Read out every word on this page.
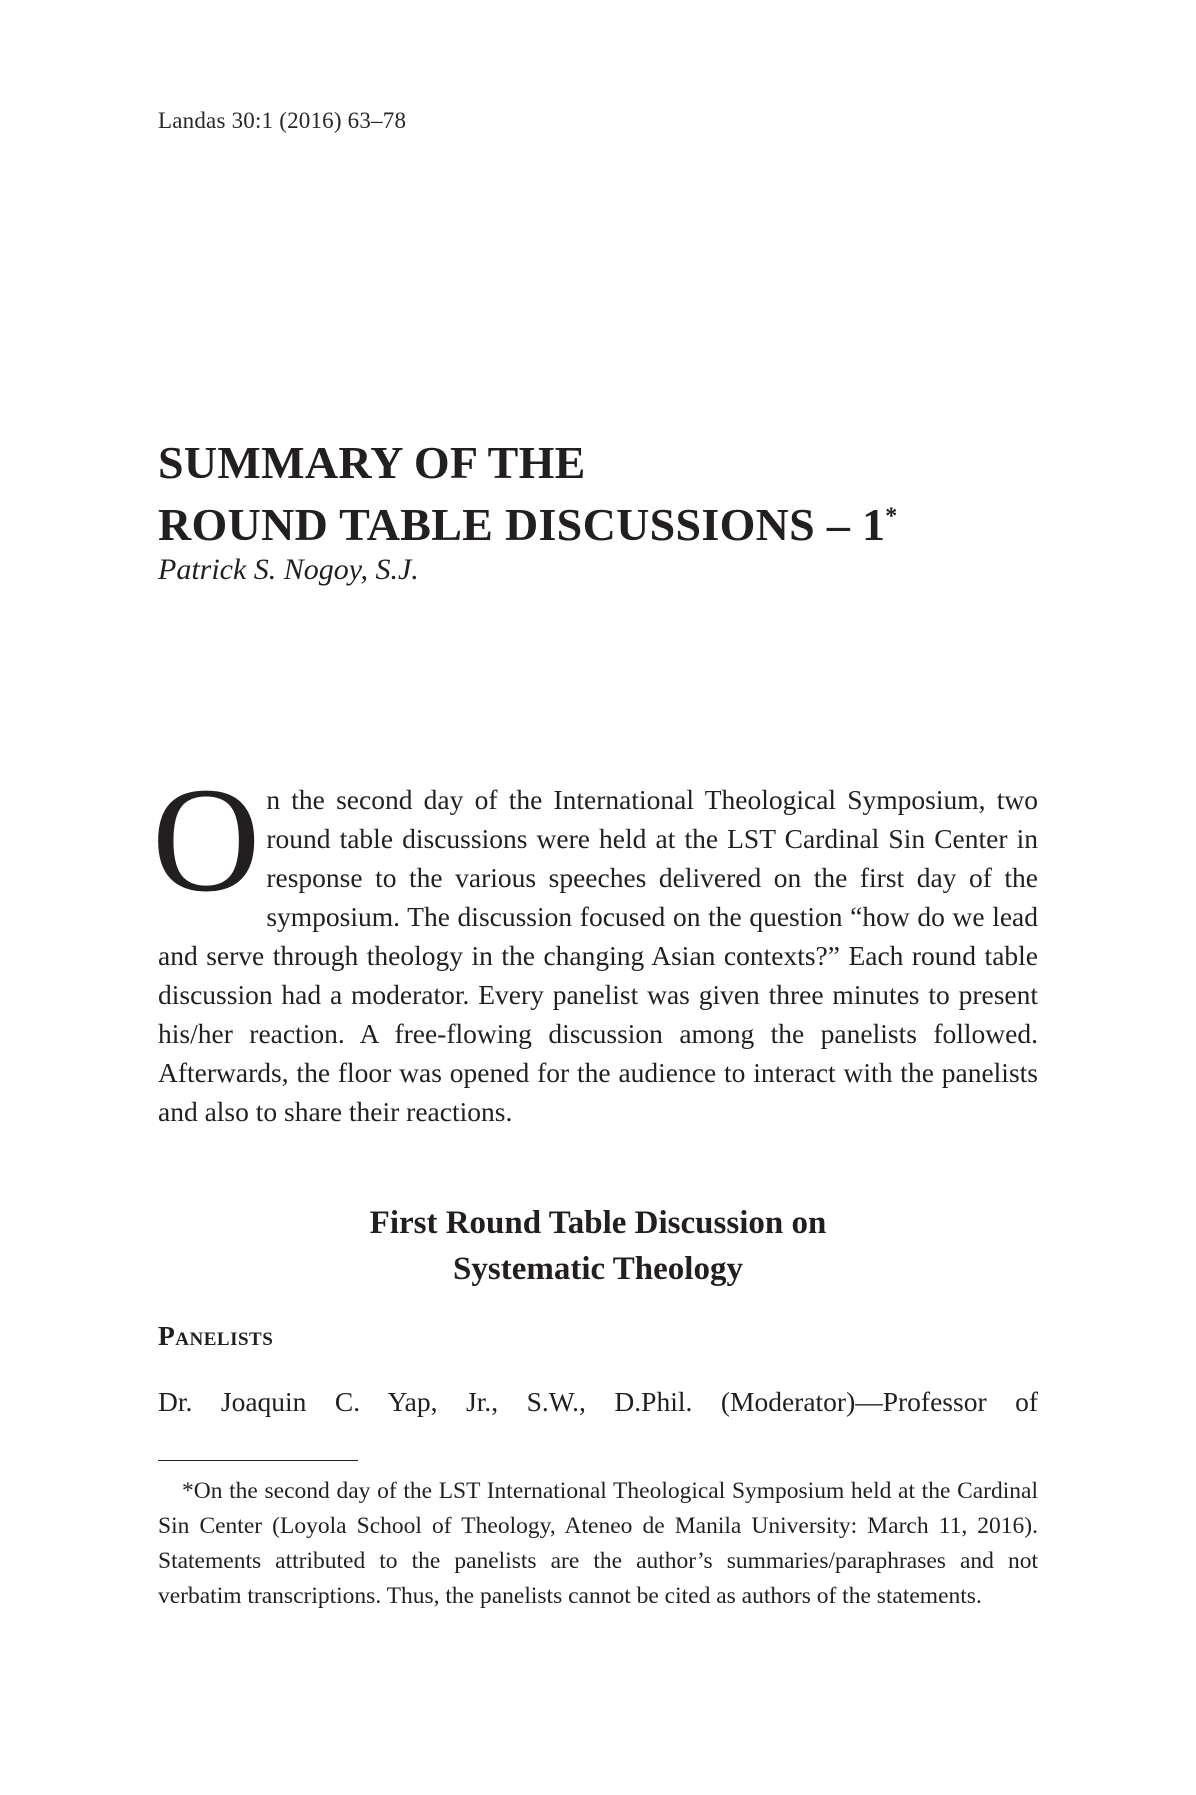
Landas 30:1 (2016) 63–78
SUMMARY OF THE
ROUND TABLE DISCUSSIONS – 1*
Patrick S. Nogoy, S.J.

On the second day of the International Theological Symposium, two round table discussions were held at the LST Cardinal Sin Center in response to the various speeches delivered on the first day of the symposium. The discussion focused on the question “how do we lead and serve through theology in the changing Asian contexts?” Each round table discussion had a moderator. Every panelist was given three minutes to present his/her reaction. A free-flowing discussion among the panelists followed. Afterwards, the floor was opened for the audience to interact with the panelists and also to share their reactions.

First Round Table Discussion on
Systematic Theology
Panelists

Dr. Joaquin C. Yap, Jr., S.W., D.Phil. (Moderator)—Professor of

*On the second day of the LST International Theological Symposium held at the Cardinal Sin Center (Loyola School of Theology, Ateneo de Manila University: March 11, 2016). Statements attributed to the panelists are the author’s summaries/paraphrases and not verbatim transcriptions. Thus, the panelists cannot be cited as authors of the statements.
